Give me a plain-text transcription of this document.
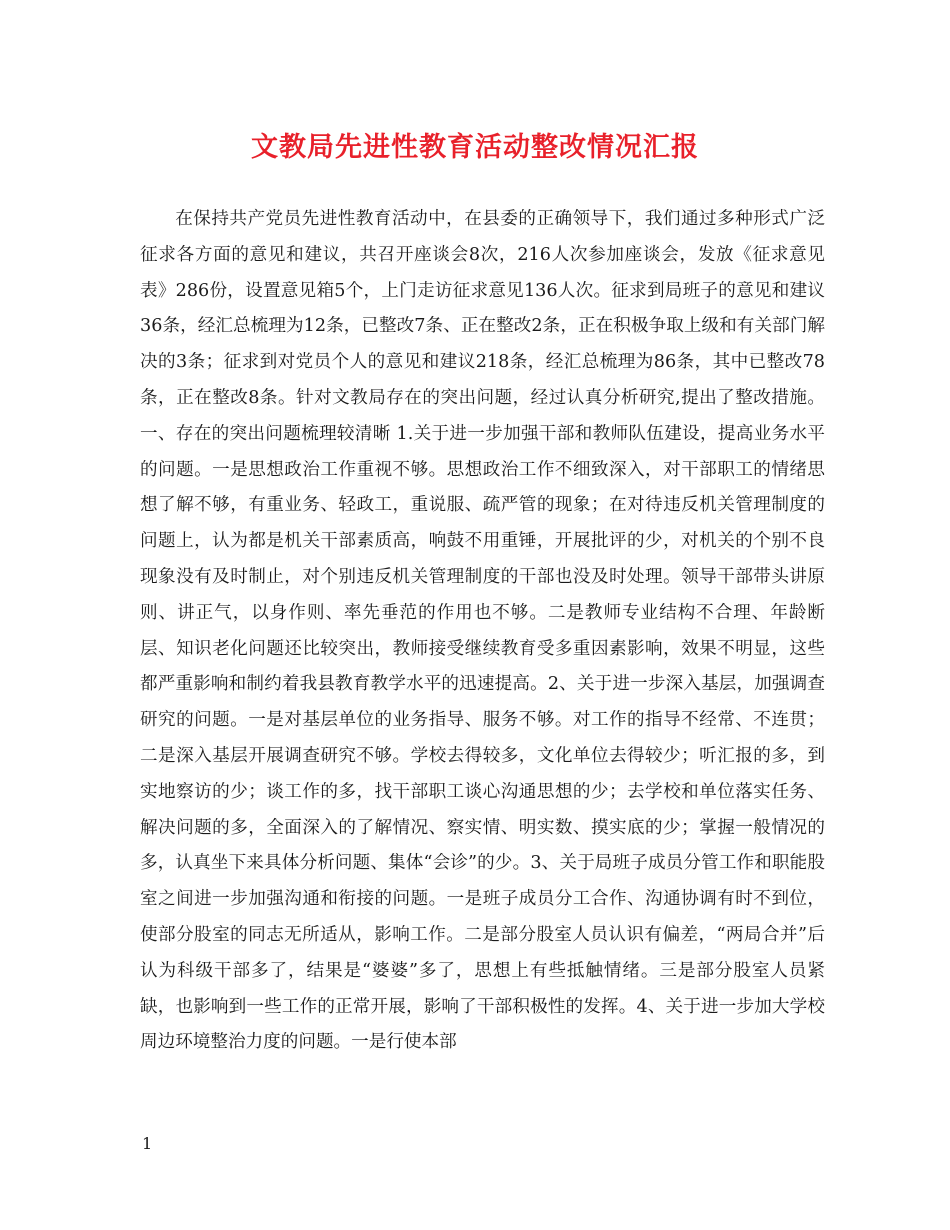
文教局先进性教育活动整改情况汇报

在保持共产党员先进性教育活动中，在县委的正确领导下，我们通过多种形式广泛征求各方面的意见和建议，共召开座谈会8次，216人次参加座谈会，发放《征求意见表》286份，设置意见箱5个，上门走访征求意见136人次。征求到局班子的意见和建议36条，经汇总梳理为12条，已整改7条、正在整改2条，正在积极争取上级和有关部门解决的3条；征求到对党员个人的意见和建议218条，经汇总梳理为86条，其中已整改78条，正在整改8条。针对文教局存在的突出问题，经过认真分析研究,提出了整改措施。一、存在的突出问题梳理较清晰 1.关于进一步加强干部和教师队伍建设，提高业务水平的问题。一是思想政治工作重视不够。思想政治工作不细致深入，对干部职工的情绪思想了解不够，有重业务、轻政工，重说服、疏严管的现象；在对待违反机关管理制度的问题上，认为都是机关干部素质高，响鼓不用重锤，开展批评的少，对机关的个别不良现象没有及时制止，对个别违反机关管理制度的干部也没及时处理。领导干部带头讲原则、讲正气，以身作则、率先垂范的作用也不够。二是教师专业结构不合理、年龄断层、知识老化问题还比较突出，教师接受继续教育受多重因素影响，效果不明显，这些都严重影响和制约着我县教育教学水平的迅速提高。2、关于进一步深入基层，加强调查研究的问题。一是对基层单位的业务指导、服务不够。对工作的指导不经常、不连贯；二是深入基层开展调查研究不够。学校去得较多，文化单位去得较少；听汇报的多，到实地察访的少；谈工作的多，找干部职工谈心沟通思想的少；去学校和单位落实任务、解决问题的多，全面深入的了解情况、察实情、明实数、摸实底的少；掌握一般情况的多，认真坐下来具体分析问题、集体“会诊”的少。3、关于局班子成员分管工作和职能股室之间进一步加强沟通和衔接的问题。一是班子成员分工合作、沟通协调有时不到位，使部分股室的同志无所适从，影响工作。二是部分股室人员认识有偏差，“两局合并”后认为科级干部多了，结果是“婆婆”多了，思想上有些抵触情绪。三是部分股室人员紧缺，也影响到一些工作的正常开展，影响了干部积极性的发挥。4、关于进一步加大学校周边环境整治力度的问题。一是行使本部

1
